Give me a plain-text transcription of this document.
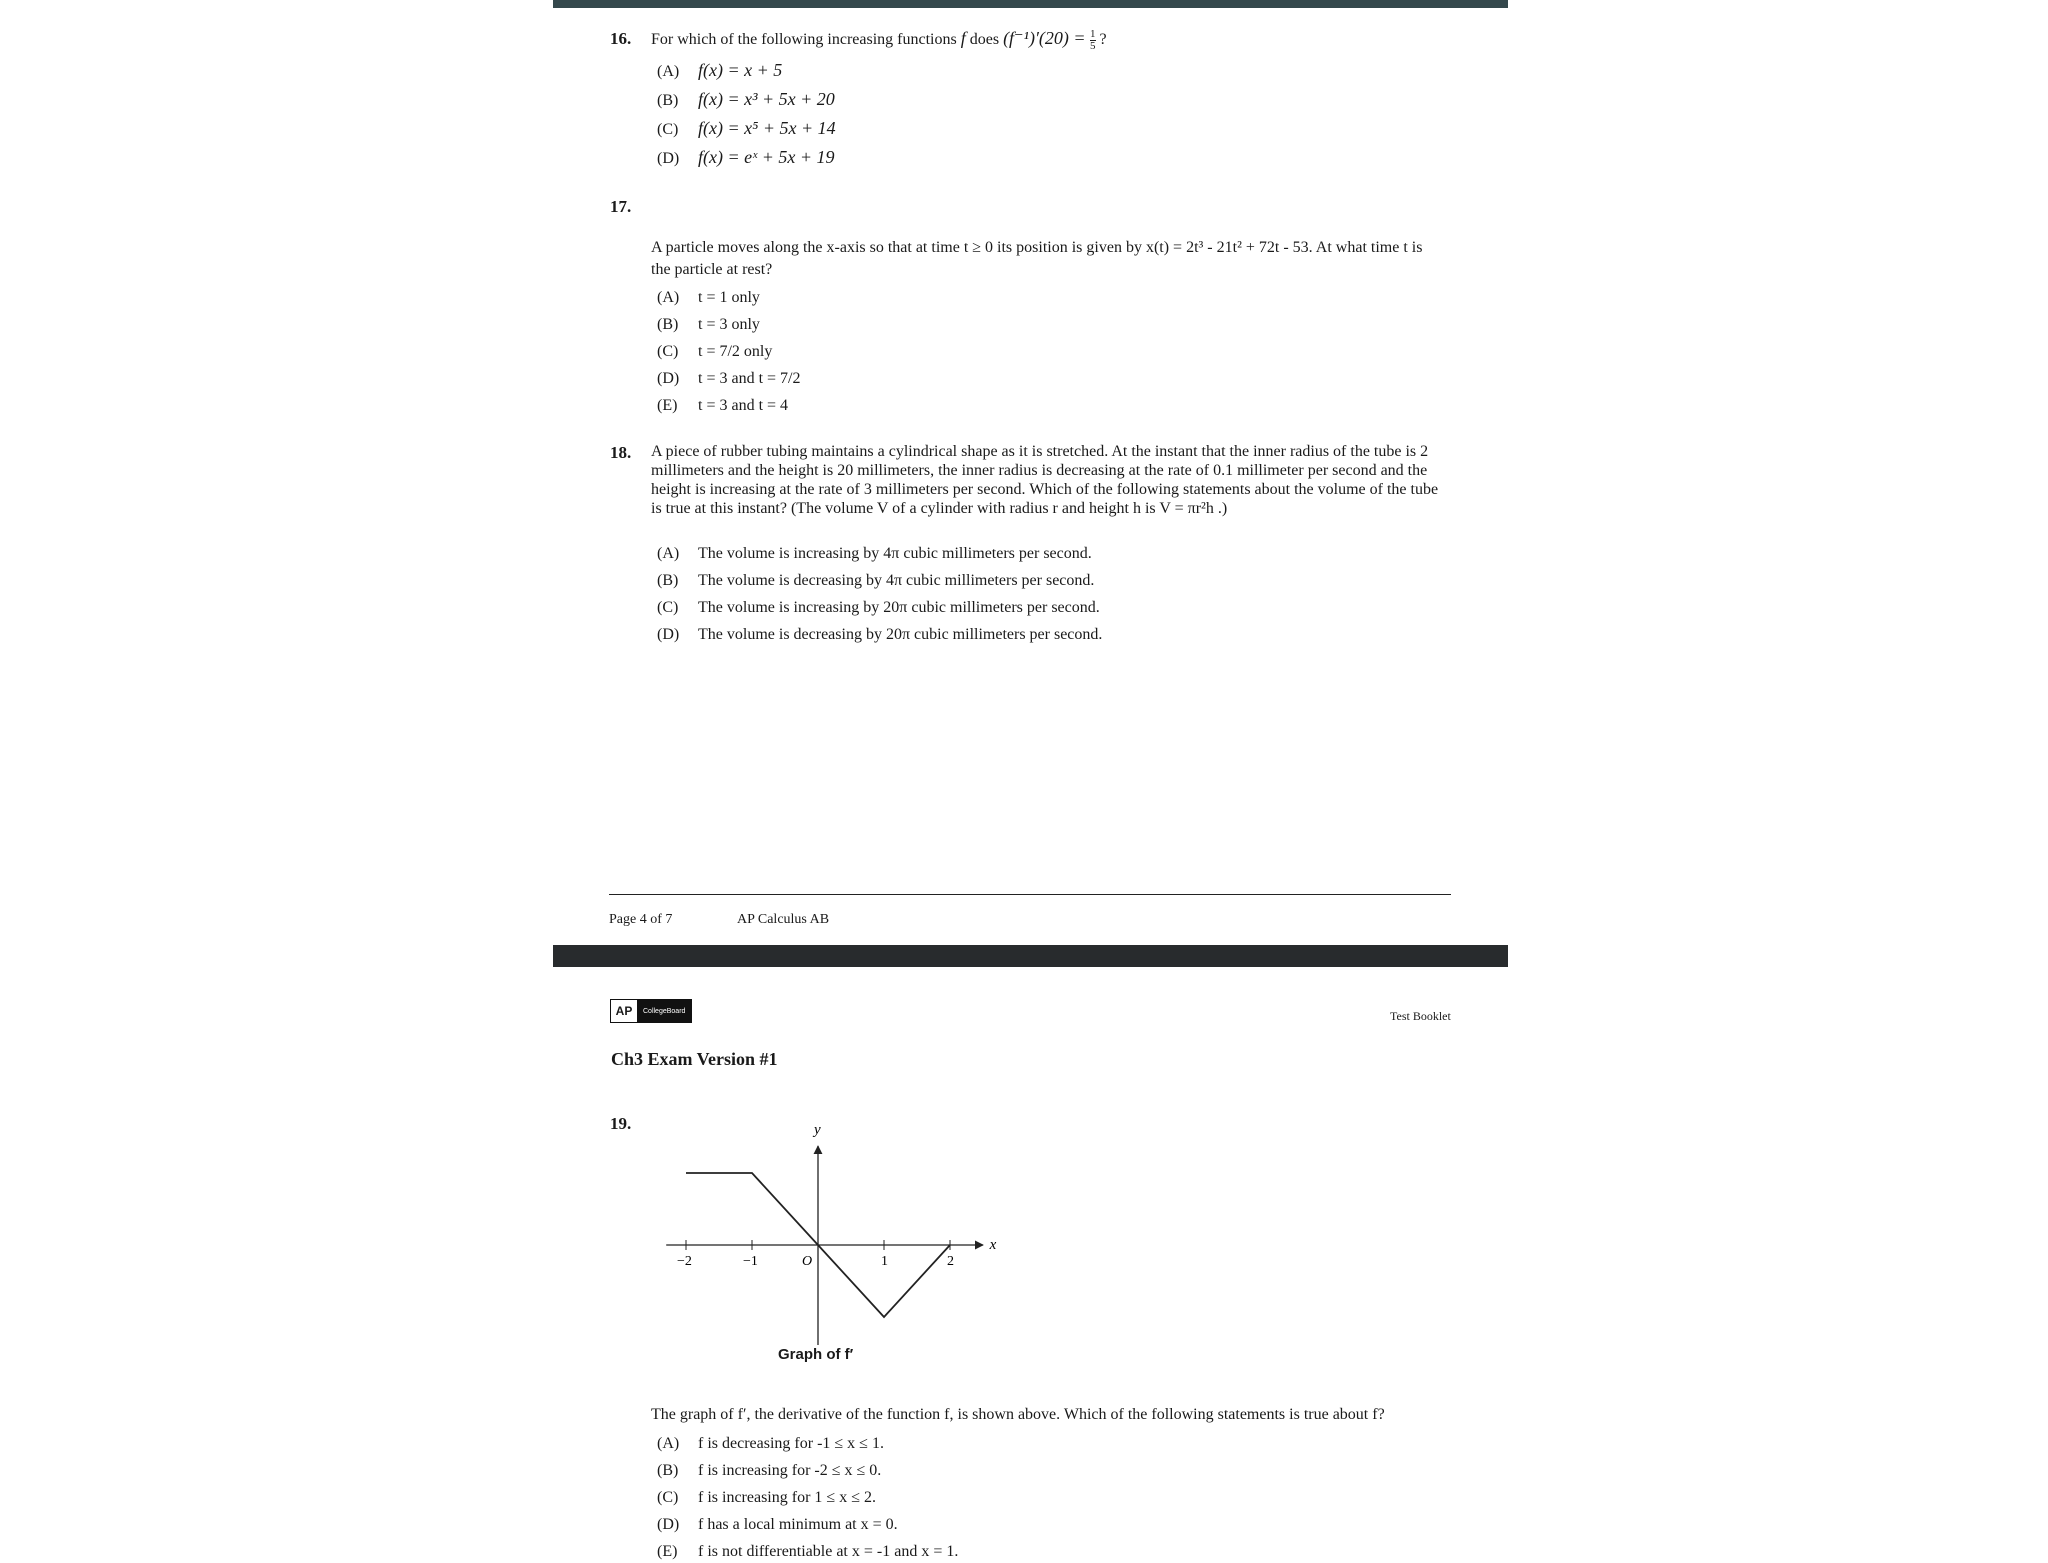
16. For which of the following increasing functions f does $(f^{-1})'(20) = \frac{1}{5}$ ?
(A) f(x) = x + 5
(B) f(x) = x³ + 5x + 20
(C) f(x) = x⁵ + 5x + 14
(D) f(x) = eˣ + 5x + 19
17.
A particle moves along the x-axis so that at time t ≥ 0 its position is given by x(t) = 2t³ - 21t² + 72t - 53. At what time t is the particle at rest?
(A) t = 1 only
(B) t = 3 only
(C) t = 7/2 only
(D) t = 3 and t = 7/2
(E) t = 3 and t = 4
18. A piece of rubber tubing maintains a cylindrical shape as it is stretched. At the instant that the inner radius of the tube is 2 millimeters and the height is 20 millimeters, the inner radius is decreasing at the rate of 0.1 millimeter per second and the height is increasing at the rate of 3 millimeters per second. Which of the following statements about the volume of the tube is true at this instant? (The volume V of a cylinder with radius r and height h is V = πr²h .)
(A) The volume is increasing by 4π cubic millimeters per second.
(B) The volume is decreasing by 4π cubic millimeters per second.
(C) The volume is increasing by 20π cubic millimeters per second.
(D) The volume is decreasing by 20π cubic millimeters per second.
Page 4 of 7	AP Calculus AB
AP	CollegeBoard	Test Booklet
Ch3 Exam Version #1
19.
−2	−1	1	2
y
x
O
Graph of f′
The graph of f′, the derivative of the function f, is shown above. Which of the following statements is true about f?
(A) f is decreasing for -1 ≤ x ≤ 1.
(B) f is increasing for -2 ≤ x ≤ 0.
(C) f is increasing for 1 ≤ x ≤ 2.
(D) f has a local minimum at x = 0.
(E) f is not differentiable at x = -1 and x = 1.
